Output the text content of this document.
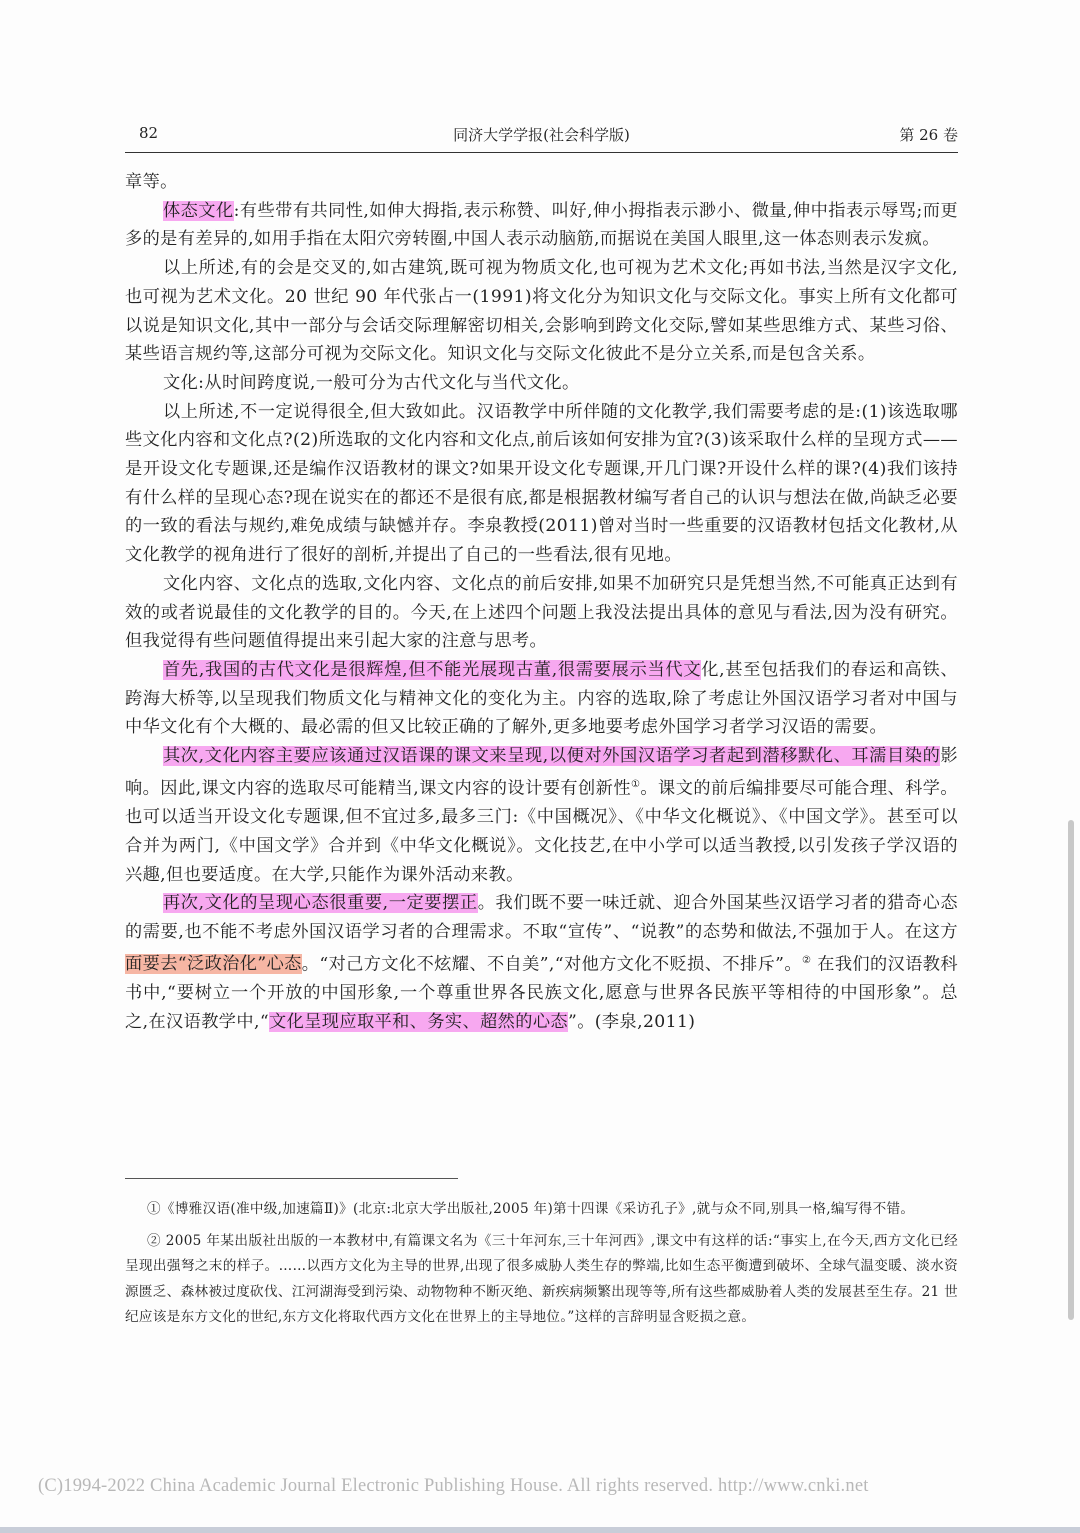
82	同济大学学报(社会科学版)	第 26 卷

章等。

体态文化:有些带有共同性,如伸大拇指,表示称赞、叫好,伸小拇指表示渺小、微量,伸中指表示辱骂;而更多的是有差异的,如用手指在太阳穴旁转圈,中国人表示动脑筋,而据说在美国人眼里,这一体态则表示发疯。

以上所述,有的会是交叉的,如古建筑,既可视为物质文化,也可视为艺术文化;再如书法,当然是汉字文化,也可视为艺术文化。20 世纪 90 年代张占一(1991)将文化分为知识文化与交际文化。事实上所有文化都可以说是知识文化,其中一部分与会话交际理解密切相关,会影响到跨文化交际,譬如某些思维方式、某些习俗、某些语言规约等,这部分可视为交际文化。知识文化与交际文化彼此不是分立关系,而是包含关系。

文化:从时间跨度说,一般可分为古代文化与当代文化。

以上所述,不一定说得很全,但大致如此。汉语教学中所伴随的文化教学,我们需要考虑的是:(1)该选取哪些文化内容和文化点?(2)所选取的文化内容和文化点,前后该如何安排为宜?(3)该采取什么样的呈现方式——是开设文化专题课,还是编作汉语教材的课文?如果开设文化专题课,开几门课?开设什么样的课?(4)我们该持有什么样的呈现心态?现在说实在的都还不是很有底,都是根据教材编写者自己的认识与想法在做,尚缺乏必要的一致的看法与规约,难免成绩与缺憾并存。李泉教授(2011)曾对当时一些重要的汉语教材包括文化教材,从文化教学的视角进行了很好的剖析,并提出了自己的一些看法,很有见地。

文化内容、文化点的选取,文化内容、文化点的前后安排,如果不加研究只是凭想当然,不可能真正达到有效的或者说最佳的文化教学的目的。今天,在上述四个问题上我没法提出具体的意见与看法,因为没有研究。但我觉得有些问题值得提出来引起大家的注意与思考。

首先,我国的古代文化是很辉煌,但不能光展现古董,很需要展示当代文化,甚至包括我们的春运和高铁、跨海大桥等,以呈现我们物质文化与精神文化的变化为主。内容的选取,除了考虑让外国汉语学习者对中国与中华文化有个大概的、最必需的但又比较正确的了解外,更多地要考虑外国学习者学习汉语的需要。

其次,文化内容主要应该通过汉语课的课文来呈现,以便对外国汉语学习者起到潜移默化、耳濡目染的影响。因此,课文内容的选取尽可能精当,课文内容的设计要有创新性①。课文的前后编排要尽可能合理、科学。也可以适当开设文化专题课,但不宜过多,最多三门:《中国概况》、《中华文化概说》、《中国文学》。甚至可以合并为两门,《中国文学》合并到《中华文化概说》。文化技艺,在中小学可以适当教授,以引发孩子学汉语的兴趣,但也要适度。在大学,只能作为课外活动来教。

再次,文化的呈现心态很重要,一定要摆正。我们既不要一味迁就、迎合外国某些汉语学习者的猎奇心态的需要,也不能不考虑外国汉语学习者的合理需求。不取“宣传”、“说教”的态势和做法,不强加于人。在这方面要去“泛政治化”心态。“对己方文化不炫耀、不自美”,“对他方文化不贬损、不排斥”。② 在我们的汉语教科书中,“要树立一个开放的中国形象,一个尊重世界各民族文化,愿意与世界各民族平等相待的中国形象”。总之,在汉语教学中,“文化呈现应取平和、务实、超然的心态”。(李泉,2011)

①《博雅汉语(准中级,加速篇Ⅱ)》(北京:北京大学出版社,2005 年)第十四课《采访孔子》,就与众不同,别具一格,编写得不错。

② 2005 年某出版社出版的一本教材中,有篇课文名为《三十年河东,三十年河西》,课文中有这样的话:“事实上,在今天,西方文化已经呈现出强弩之末的样子。……以西方文化为主导的世界,出现了很多威胁人类生存的弊端,比如生态平衡遭到破坏、全球气温变暖、淡水资源匮乏、森林被过度砍伐、江河湖海受到污染、动物物种不断灭绝、新疾病频繁出现等等,所有这些都威胁着人类的发展甚至生存。21 世纪应该是东方文化的世纪,东方文化将取代西方文化在世界上的主导地位。”这样的言辞明显含贬损之意。

(C)1994-2022 China Academic Journal Electronic Publishing House. All rights reserved. http://www.cnki.net
